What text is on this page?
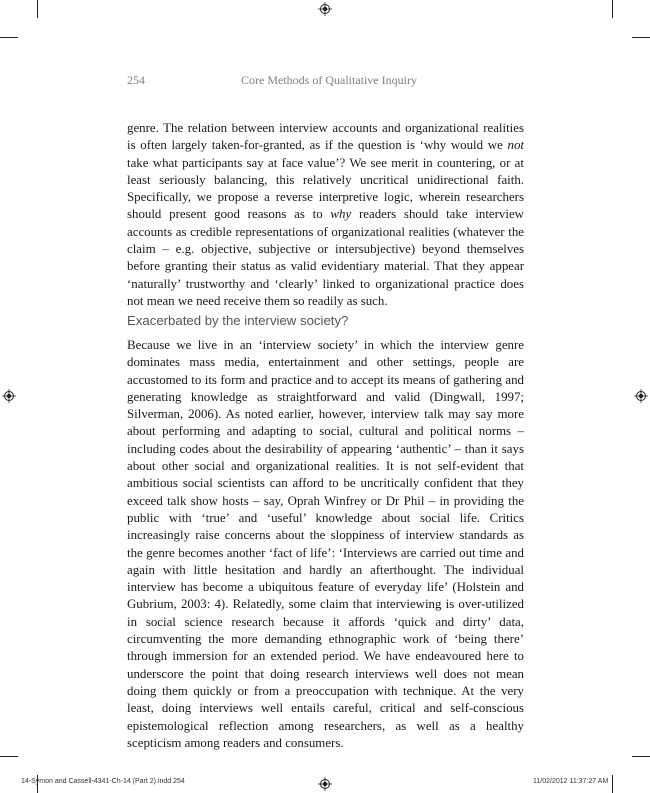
254	Core Methods of Qualitative Inquiry

genre. The relation between interview accounts and organizational realities is often largely taken-for-granted, as if the question is ‘why would we not take what participants say at face value’? We see merit in countering, or at least seriously balancing, this relatively uncritical unidirectional faith. Specifically, we propose a reverse interpretive logic, wherein researchers should present good reasons as to why readers should take interview accounts as credible representations of organizational realities (whatever the claim – e.g. objective, subjective or intersubjective) beyond themselves before granting their status as valid evidentiary material. That they appear ‘naturally’ trustworthy and ‘clearly’ linked to organizational practice does not mean we need receive them so readily as such.

Exacerbated by the interview society?

Because we live in an ‘interview society’ in which the interview genre dominates mass media, entertainment and other settings, people are accustomed to its form and practice and to accept its means of gathering and generating knowledge as straightforward and valid (Dingwall, 1997; Silverman, 2006). As noted earlier, however, interview talk may say more about performing and adapting to social, cultural and political norms – including codes about the desirability of appearing ‘authentic’ – than it says about other social and organizational realities. It is not self-evident that ambitious social scientists can afford to be uncritically confident that they exceed talk show hosts – say, Oprah Winfrey or Dr Phil – in providing the public with ‘true’ and ‘useful’ knowledge about social life. Critics increasingly raise concerns about the sloppiness of interview standards as the genre becomes another ‘fact of life’: ‘Interviews are carried out time and again with little hesitation and hardly an afterthought. The individual interview has become a ubiquitous feature of everyday life’ (Holstein and Gubrium, 2003: 4). Relatedly, some claim that interviewing is over-utilized in social science research because it affords ‘quick and dirty’ data, circumventing the more demanding ethnographic work of ‘being there’ through immersion for an extended period. We have endeavoured here to underscore the point that doing research interviews well does not mean doing them quickly or from a preoccupation with technique. At the very least, doing interviews well entails careful, critical and self-conscious epistemological reflection among researchers, as well as a healthy scepticism among readers and consumers.

14-Symon and Cassell-4341-Ch-14 (Part 2).indd 254	11/02/2012 11:37:27 AM
